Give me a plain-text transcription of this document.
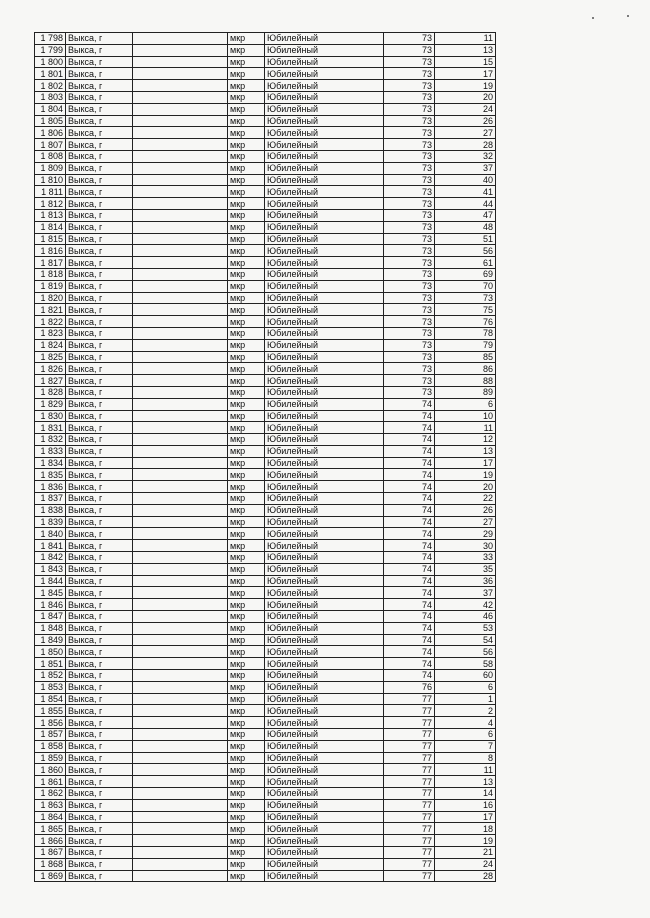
1 798	Выкса, г		мкр	Юбилейный	73	11
1 799	Выкса, г		мкр	Юбилейный	73	13
1 800	Выкса, г		мкр	Юбилейный	73	15
1 801	Выкса, г		мкр	Юбилейный	73	17
1 802	Выкса, г		мкр	Юбилейный	73	19
1 803	Выкса, г		мкр	Юбилейный	73	20
1 804	Выкса, г		мкр	Юбилейный	73	24
1 805	Выкса, г		мкр	Юбилейный	73	26
1 806	Выкса, г		мкр	Юбилейный	73	27
1 807	Выкса, г		мкр	Юбилейный	73	28
1 808	Выкса, г		мкр	Юбилейный	73	32
1 809	Выкса, г		мкр	Юбилейный	73	37
1 810	Выкса, г		мкр	Юбилейный	73	40
1 811	Выкса, г		мкр	Юбилейный	73	41
1 812	Выкса, г		мкр	Юбилейный	73	44
1 813	Выкса, г		мкр	Юбилейный	73	47
1 814	Выкса, г		мкр	Юбилейный	73	48
1 815	Выкса, г		мкр	Юбилейный	73	51
1 816	Выкса, г		мкр	Юбилейный	73	56
1 817	Выкса, г		мкр	Юбилейный	73	61
1 818	Выкса, г		мкр	Юбилейный	73	69
1 819	Выкса, г		мкр	Юбилейный	73	70
1 820	Выкса, г		мкр	Юбилейный	73	73
1 821	Выкса, г		мкр	Юбилейный	73	75
1 822	Выкса, г		мкр	Юбилейный	73	76
1 823	Выкса, г		мкр	Юбилейный	73	78
1 824	Выкса, г		мкр	Юбилейный	73	79
1 825	Выкса, г		мкр	Юбилейный	73	85
1 826	Выкса, г		мкр	Юбилейный	73	86
1 827	Выкса, г		мкр	Юбилейный	73	88
1 828	Выкса, г		мкр	Юбилейный	73	89
1 829	Выкса, г		мкр	Юбилейный	74	6
1 830	Выкса, г		мкр	Юбилейный	74	10
1 831	Выкса, г		мкр	Юбилейный	74	11
1 832	Выкса, г		мкр	Юбилейный	74	12
1 833	Выкса, г		мкр	Юбилейный	74	13
1 834	Выкса, г		мкр	Юбилейный	74	17
1 835	Выкса, г		мкр	Юбилейный	74	19
1 836	Выкса, г		мкр	Юбилейный	74	20
1 837	Выкса, г		мкр	Юбилейный	74	22
1 838	Выкса, г		мкр	Юбилейный	74	26
1 839	Выкса, г		мкр	Юбилейный	74	27
1 840	Выкса, г		мкр	Юбилейный	74	29
1 841	Выкса, г		мкр	Юбилейный	74	30
1 842	Выкса, г		мкр	Юбилейный	74	33
1 843	Выкса, г		мкр	Юбилейный	74	35
1 844	Выкса, г		мкр	Юбилейный	74	36
1 845	Выкса, г		мкр	Юбилейный	74	37
1 846	Выкса, г		мкр	Юбилейный	74	42
1 847	Выкса, г		мкр	Юбилейный	74	46
1 848	Выкса, г		мкр	Юбилейный	74	53
1 849	Выкса, г		мкр	Юбилейный	74	54
1 850	Выкса, г		мкр	Юбилейный	74	56
1 851	Выкса, г		мкр	Юбилейный	74	58
1 852	Выкса, г		мкр	Юбилейный	74	60
1 853	Выкса, г		мкр	Юбилейный	76	6
1 854	Выкса, г		мкр	Юбилейный	77	1
1 855	Выкса, г		мкр	Юбилейный	77	2
1 856	Выкса, г		мкр	Юбилейный	77	4
1 857	Выкса, г		мкр	Юбилейный	77	6
1 858	Выкса, г		мкр	Юбилейный	77	7
1 859	Выкса, г		мкр	Юбилейный	77	8
1 860	Выкса, г		мкр	Юбилейный	77	11
1 861	Выкса, г		мкр	Юбилейный	77	13
1 862	Выкса, г		мкр	Юбилейный	77	14
1 863	Выкса, г		мкр	Юбилейный	77	16
1 864	Выкса, г		мкр	Юбилейный	77	17
1 865	Выкса, г		мкр	Юбилейный	77	18
1 866	Выкса, г		мкр	Юбилейный	77	19
1 867	Выкса, г		мкр	Юбилейный	77	21
1 868	Выкса, г		мкр	Юбилейный	77	24
1 869	Выкса, г		мкр	Юбилейный	77	28
